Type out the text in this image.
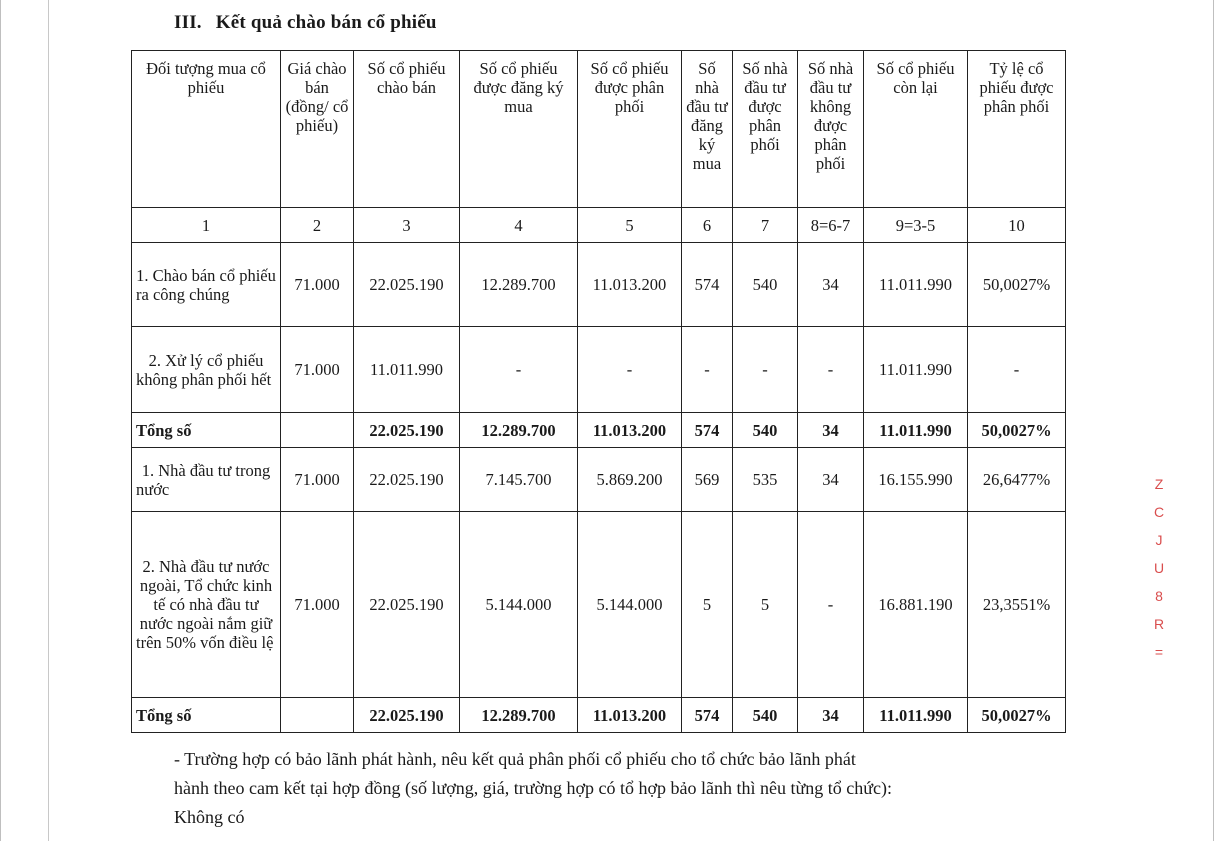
III. Kết quả chào bán cổ phiếu
Đối tượng mua cổ phiếu	Giá chào bán (đồng/ cổ phiếu)	Số cổ phiếu chào bán	Số cổ phiếu được đăng ký mua	Số cổ phiếu được phân phối	Số nhà đầu tư đăng ký mua	Số nhà đầu tư được phân phối	Số nhà đầu tư không được phân phối	Số cổ phiếu còn lại	Tỷ lệ cổ phiếu được phân phối
1	2	3	4	5	6	7	8=6-7	9=3-5	10
1. Chào bán cổ phiếu ra công chúng	71.000	22.025.190	12.289.700	11.013.200	574	540	34	11.011.990	50,0027%
2. Xử lý cổ phiếu không phân phối hết	71.000	11.011.990	-	-	-	-	-	11.011.990	-
Tổng số		22.025.190	12.289.700	11.013.200	574	540	34	11.011.990	50,0027%
1. Nhà đầu tư trong nước	71.000	22.025.190	7.145.700	5.869.200	569	535	34	16.155.990	26,6477%
2. Nhà đầu tư nước ngoài, Tổ chức kinh tế có nhà đầu tư nước ngoài nắm giữ trên 50% vốn điều lệ	71.000	22.025.190	5.144.000	5.144.000	5	5	-	16.881.190	23,3551%
Tổng số		22.025.190	12.289.700	11.013.200	574	540	34	11.011.990	50,0027%
- Trường hợp có bảo lãnh phát hành, nêu kết quả phân phối cổ phiếu cho tổ chức bảo lãnh phát
hành theo cam kết tại hợp đồng (số lượng, giá, trường hợp có tổ hợp bảo lãnh thì nêu từng tổ chức):
Không có
Z
C
J
U
8
R
=
